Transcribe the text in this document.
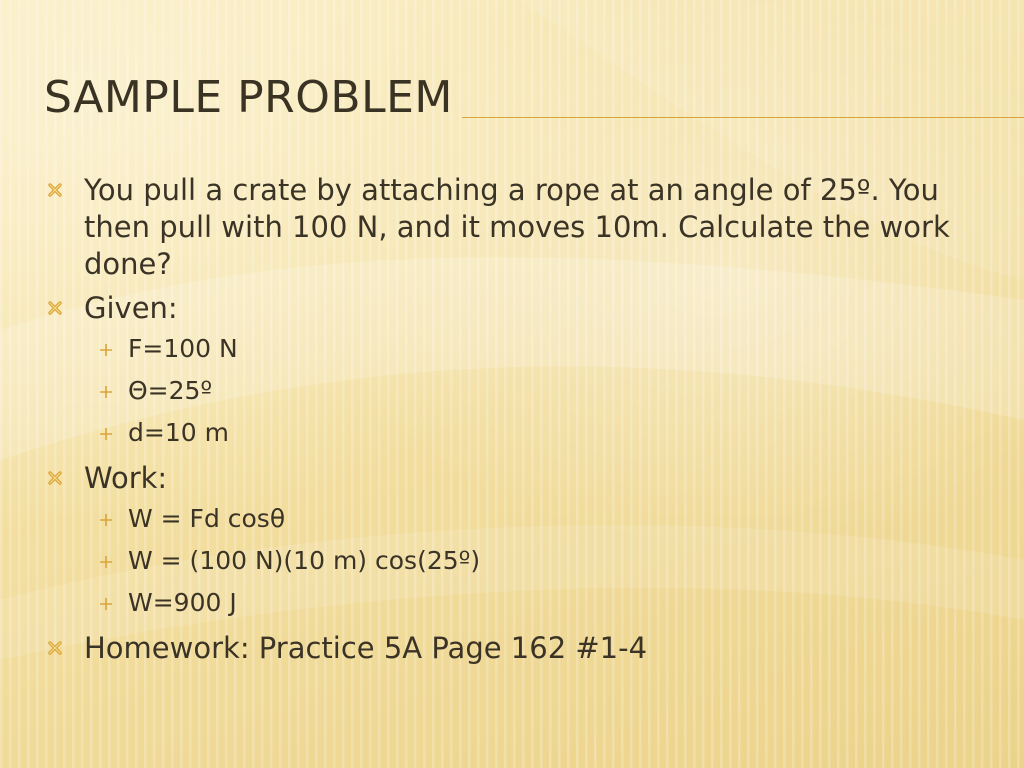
SAMPLE PROBLEM
You pull a crate by attaching a rope at an angle of 25º. You then pull with 100 N, and it moves 10m. Calculate the work done?
Given:
F=100 N
Θ=25º
d=10 m
Work:
W = Fd cosθ
W = (100 N)(10 m) cos(25º)
W=900 J
Homework: Practice 5A Page 162 #1-4
